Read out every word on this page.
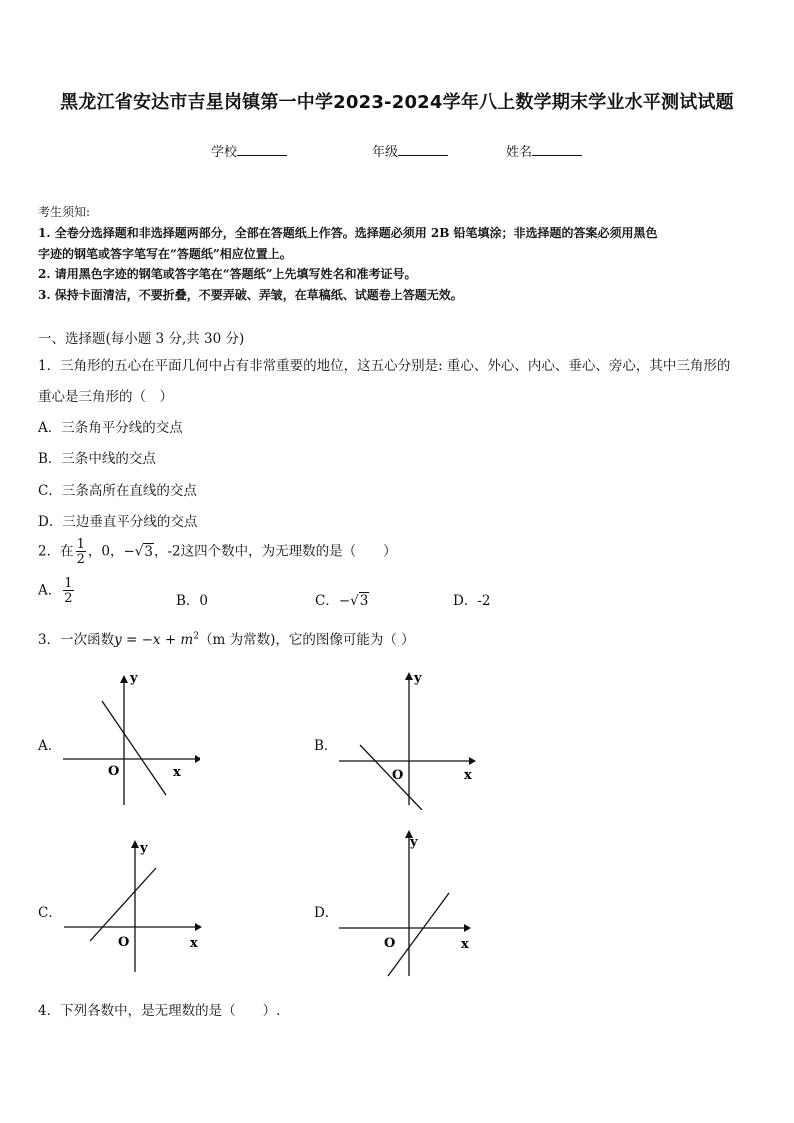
黑龙江省安达市吉星岗镇第一中学2023-2024学年八上数学期末学业水平测试试题
学校	年级	姓名
考生须知:
1. 全卷分选择题和非选择题两部分，全部在答题纸上作答。选择题必须用 2B 铅笔填涂；非选择题的答案必须用黑色
字迹的钢笔或答字笔写在“答题纸”相应位置上。
2. 请用黑色字迹的钢笔或答字笔在“答题纸”上先填写姓名和准考证号。
3. 保持卡面清洁，不要折叠，不要弄破、弄皱，在草稿纸、试题卷上答题无效。
一、选择题(每小题 3 分,共 30 分)
1．三角形的五心在平面几何中占有非常重要的地位，这五心分别是: 重心、外心、内心、垂心、旁心，其中三角形的
重心是三角形的（　）
A．三条角平分线的交点
B．三条中线的交点
C．三条高所在直线的交点
D．三边垂直平分线的交点
2．在 $\frac{1}{2}$ ，0，−√3，-2这四个数中，为无理数的是（　　）
A． $\frac{1}{2}$	B．0	C．−√3	D．-2
3．一次函数$y = -x + m^2(m$ 为常数)，它的图像可能为（ ）
A．
y
O	x
B．
y
O	x
C．
y
O	x
D．
y
O	x
4．下列各数中，是无理数的是（　　）.
